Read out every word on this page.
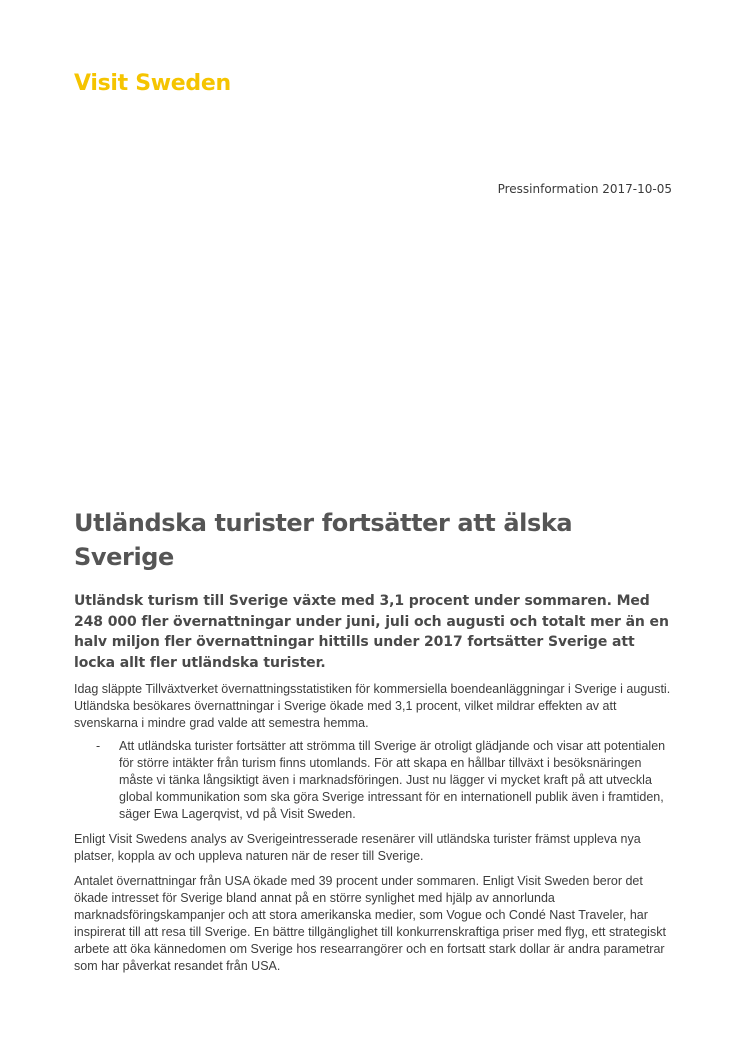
Visit Sweden
Pressinformation 2017-10-05
Utländska turister fortsätter att älska Sverige

Utländsk turism till Sverige växte med 3,1 procent under sommaren. Med 248 000 fler övernattningar under juni, juli och augusti och totalt mer än en halv miljon fler övernattningar hittills under 2017 fortsätter Sverige att locka allt fler utländska turister.

Idag släppte Tillväxtverket övernattningsstatistiken för kommersiella boendeanläggningar i Sverige i augusti. Utländska besökares övernattningar i Sverige ökade med 3,1 procent, vilket mildrar effekten av att svenskarna i mindre grad valde att semestra hemma.

- Att utländska turister fortsätter att strömma till Sverige är otroligt glädjande och visar att potentialen för större intäkter från turism finns utomlands. För att skapa en hållbar tillväxt i besöksnäringen måste vi tänka långsiktigt även i marknadsföringen. Just nu lägger vi mycket kraft på att utveckla global kommunikation som ska göra Sverige intressant för en internationell publik även i framtiden, säger Ewa Lagerqvist, vd på Visit Sweden.

Enligt Visit Swedens analys av Sverigeintresserade resenärer vill utländska turister främst uppleva nya platser, koppla av och uppleva naturen när de reser till Sverige.

Antalet övernattningar från USA ökade med 39 procent under sommaren. Enligt Visit Sweden beror det ökade intresset för Sverige bland annat på en större synlighet med hjälp av annorlunda marknadsföringskampanjer och att stora amerikanska medier, som Vogue och Condé Nast Traveler, har inspirerat till att resa till Sverige. En bättre tillgänglighet till konkurrenskraftiga priser med flyg, ett strategiskt arbete att öka kännedomen om Sverige hos researrangörer och en fortsatt stark dollar är andra parametrar som har påverkat resandet från USA.
